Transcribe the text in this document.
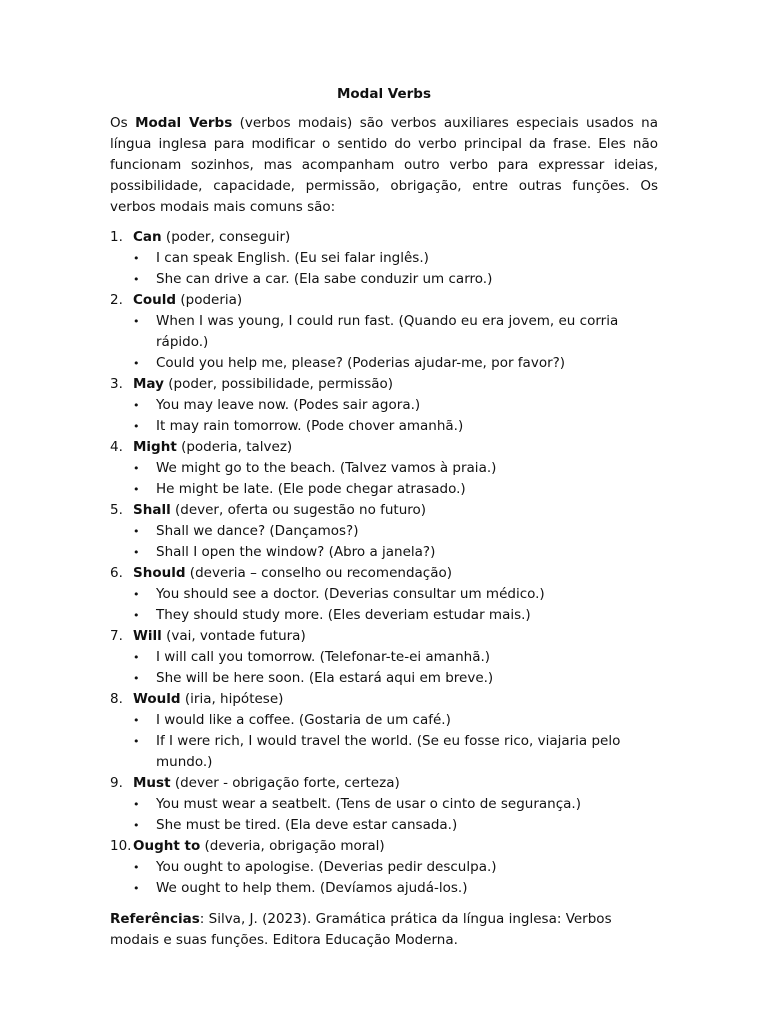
Modal Verbs

Os Modal Verbs (verbos modais) são verbos auxiliares especiais usados na língua inglesa para modificar o sentido do verbo principal da frase. Eles não funcionam sozinhos, mas acompanham outro verbo para expressar ideias, possibilidade, capacidade, permissão, obrigação, entre outras funções. Os verbos modais mais comuns são:

1. Can (poder, conseguir)
• I can speak English. (Eu sei falar inglês.)
• She can drive a car. (Ela sabe conduzir um carro.)
2. Could (poderia)
• When I was young, I could run fast. (Quando eu era jovem, eu corria rápido.)
• Could you help me, please? (Poderias ajudar-me, por favor?)
3. May (poder, possibilidade, permissão)
• You may leave now. (Podes sair agora.)
• It may rain tomorrow. (Pode chover amanhã.)
4. Might (poderia, talvez)
• We might go to the beach. (Talvez vamos à praia.)
• He might be late. (Ele pode chegar atrasado.)
5. Shall (dever, oferta ou sugestão no futuro)
• Shall we dance? (Dançamos?)
• Shall I open the window? (Abro a janela?)
6. Should (deveria – conselho ou recomendação)
• You should see a doctor. (Deverias consultar um médico.)
• They should study more. (Eles deveriam estudar mais.)
7. Will (vai, vontade futura)
• I will call you tomorrow. (Telefonar-te-ei amanhã.)
• She will be here soon. (Ela estará aqui em breve.)
8. Would (iria, hipótese)
• I would like a coffee. (Gostaria de um café.)
• If I were rich, I would travel the world. (Se eu fosse rico, viajaria pelo mundo.)
9. Must (dever - obrigação forte, certeza)
• You must wear a seatbelt. (Tens de usar o cinto de segurança.)
• She must be tired. (Ela deve estar cansada.)
10. Ought to (deveria, obrigação moral)
• You ought to apologise. (Deverias pedir desculpa.)
• We ought to help them. (Devíamos ajudá-los.)

Referências: Silva, J. (2023). Gramática prática da língua inglesa: Verbos modais e suas funções. Editora Educação Moderna.
